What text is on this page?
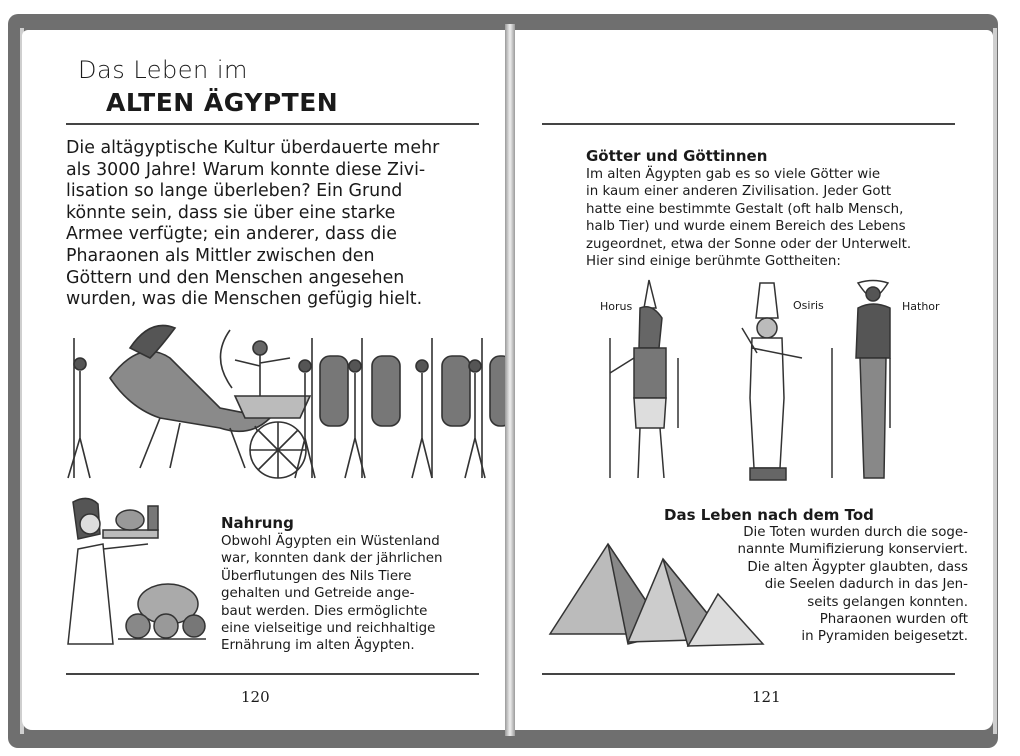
Das Leben im
ALTEN ÄGYPTEN
Die altägyptische Kultur überdauerte mehr
als 3000 Jahre! Warum konnte diese Zivi-
lisation so lange überleben? Ein Grund
könnte sein, dass sie über eine starke
Armee verfügte; ein anderer, dass die
Pharaonen als Mittler zwischen den
Göttern und den Menschen angesehen
wurden, was die Menschen gefügig hielt.
Nahrung
Obwohl Ägypten ein Wüstenland
war, konnten dank der jährlichen
Überflutungen des Nils Tiere
gehalten und Getreide ange-
baut werden. Dies ermöglichte
eine vielseitige und reichhaltige
Ernährung im alten Ägypten.
120
Götter und Göttinnen
Im alten Ägypten gab es so viele Götter wie
in kaum einer anderen Zivilisation. Jeder Gott
hatte eine bestimmte Gestalt (oft halb Mensch,
halb Tier) und wurde einem Bereich des Lebens
zugeordnet, etwa der Sonne oder der Unterwelt.
Hier sind einige berühmte Gottheiten:
Horus	Osiris	Hathor
Das Leben nach dem Tod
Die Toten wurden durch die soge-
nannte Mumifizierung konserviert.
Die alten Ägypter glaubten, dass
die Seelen dadurch in das Jen-
seits gelangen konnten.
Pharaonen wurden oft
in Pyramiden beigesetzt.
121
